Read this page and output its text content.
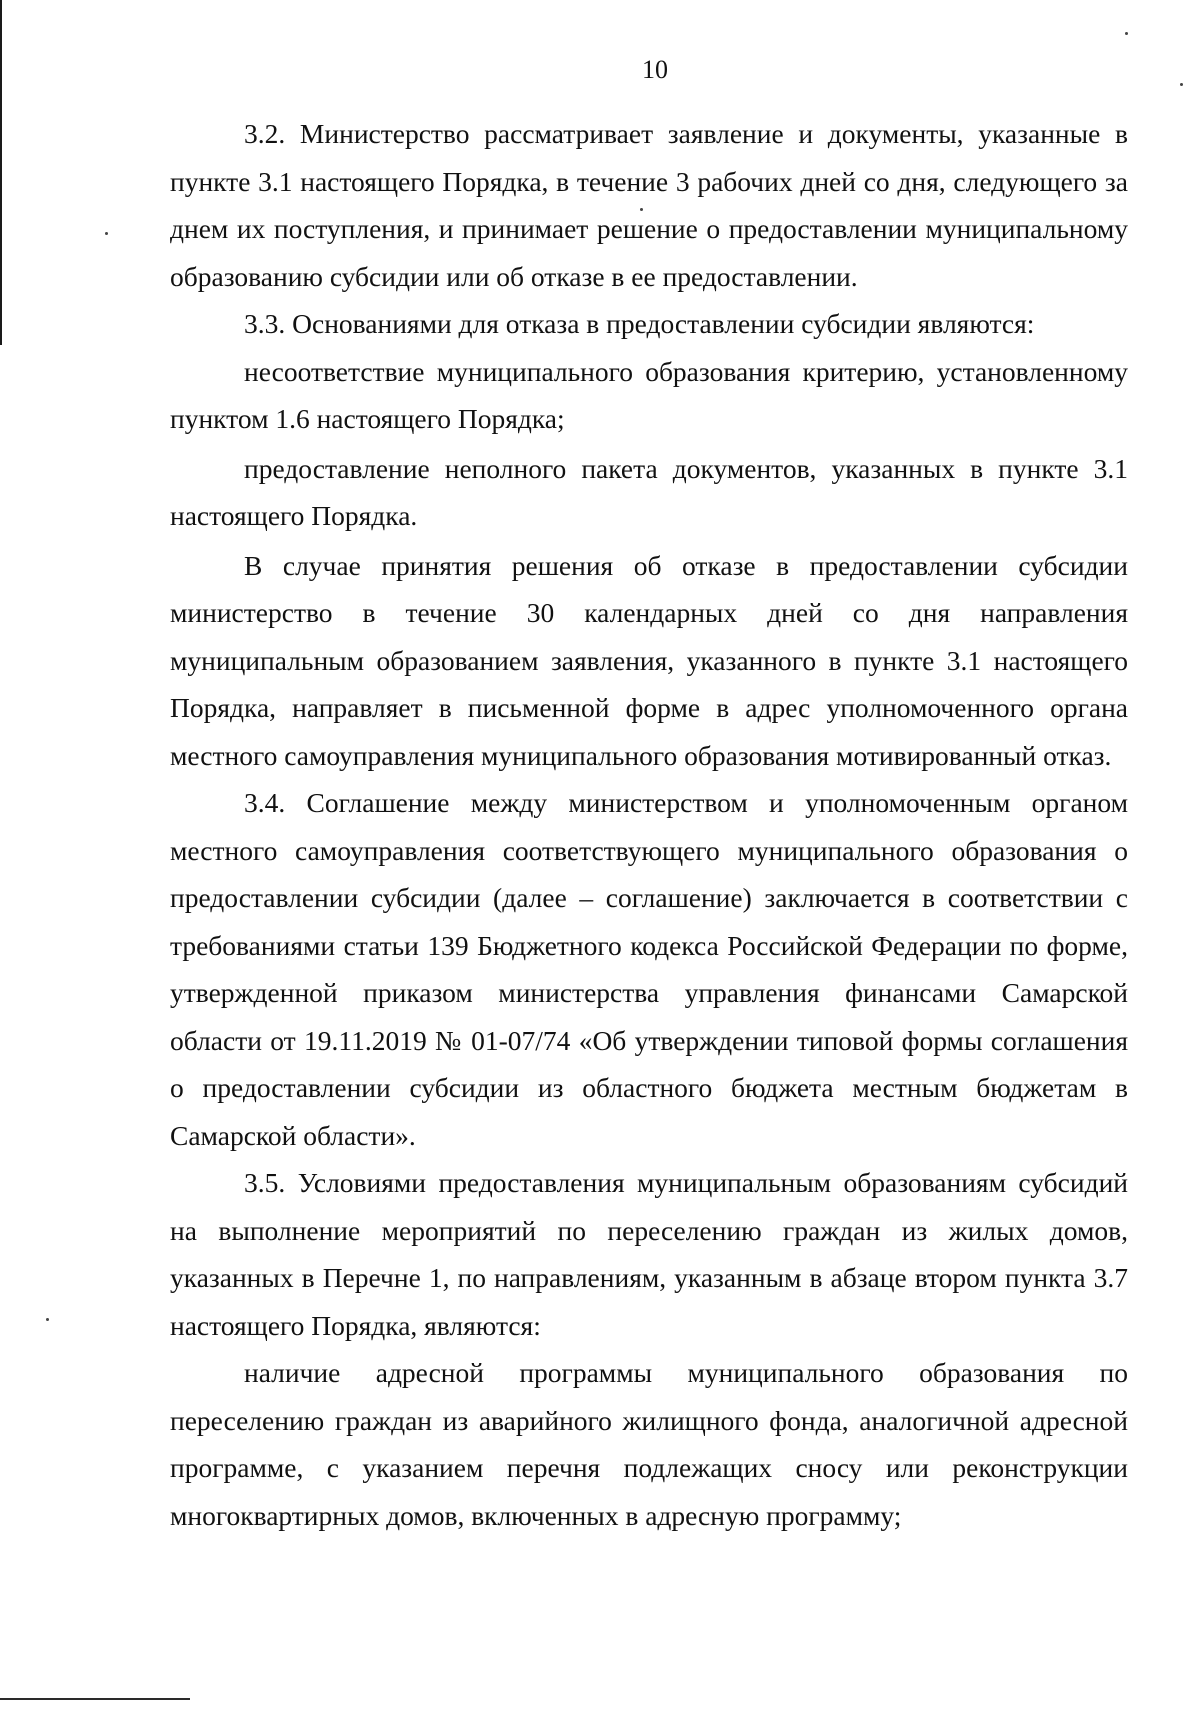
10

3.2. Министерство рассматривает заявление и документы, указанные в пункте 3.1 настоящего Порядка, в течение 3 рабочих дней со дня, следующего за днем их поступления, и принимает решение о предоставлении муниципальному образованию субсидии или об отказе в ее предоставлении.

3.3. Основаниями для отказа в предоставлении субсидии являются:

несоответствие муниципального образования критерию, установленному пунктом 1.6 настоящего Порядка;

предоставление неполного пакета документов, указанных в пункте 3.1 настоящего Порядка.

В случае принятия решения об отказе в предоставлении субсидии министерство в течение 30 календарных дней со дня направления муниципальным образованием заявления, указанного в пункте 3.1 настоящего Порядка, направляет в письменной форме в адрес уполномоченного органа местного самоуправления муниципального образования мотивированный отказ.

3.4. Соглашение между министерством и уполномоченным органом местного самоуправления соответствующего муниципального образования о предоставлении субсидии (далее – соглашение) заключается в соответствии с требованиями статьи 139 Бюджетного кодекса Российской Федерации по форме, утвержденной приказом министерства управления финансами Самарской области от 19.11.2019 № 01-07/74 «Об утверждении типовой формы соглашения о предоставлении субсидии из областного бюджета местным бюджетам в Самарской области».

3.5. Условиями предоставления муниципальным образованиям субсидий на выполнение мероприятий по переселению граждан из жилых домов, указанных в Перечне 1, по направлениям, указанным в абзаце втором пункта 3.7 настоящего Порядка, являются:

наличие адресной программы муниципального образования по переселению граждан из аварийного жилищного фонда, аналогичной адресной программе, с указанием перечня подлежащих сносу или реконструкции многоквартирных домов, включенных в адресную программу;
